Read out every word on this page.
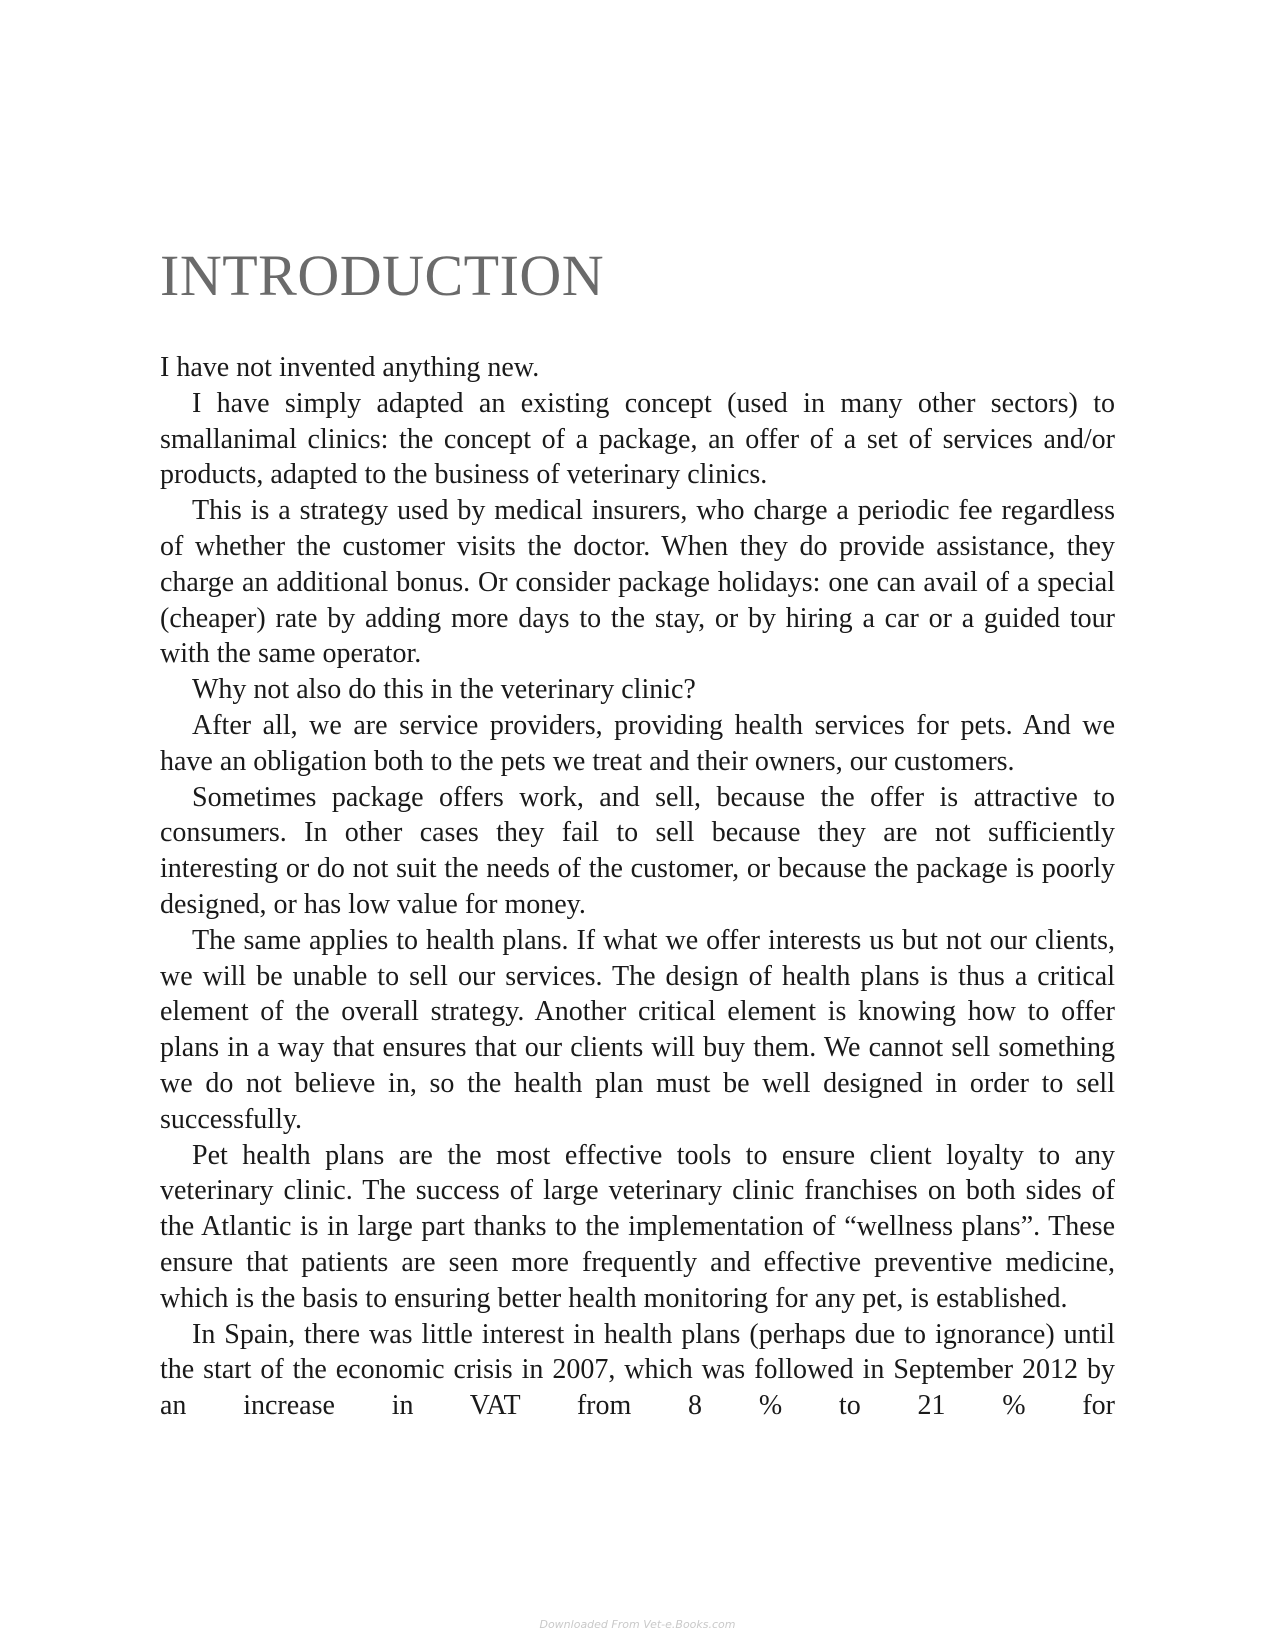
INTRODUCTION

I have not invented anything new.

I have simply adapted an existing concept (used in many other sectors) to smallanimal clinics: the concept of a package, an offer of a set of services and/or products, adapted to the business of veterinary clinics.

This is a strategy used by medical insurers, who charge a periodic fee regardless of whether the customer visits the doctor. When they do provide assistance, they charge an additional bonus. Or consider package holidays: one can avail of a special (cheaper) rate by adding more days to the stay, or by hiring a car or a guided tour with the same operator.

Why not also do this in the veterinary clinic?

After all, we are service providers, providing health services for pets. And we have an obligation both to the pets we treat and their owners, our customers.

Sometimes package offers work, and sell, because the offer is attractive to consumers. In other cases they fail to sell because they are not sufficiently interesting or do not suit the needs of the customer, or because the package is poorly designed, or has low value for money.

The same applies to health plans. If what we offer interests us but not our clients, we will be unable to sell our services. The design of health plans is thus a critical element of the overall strategy. Another critical element is knowing how to offer plans in a way that ensures that our clients will buy them. We cannot sell something we do not believe in, so the health plan must be well designed in order to sell successfully.

Pet health plans are the most effective tools to ensure client loyalty to any veterinary clinic. The success of large veterinary clinic franchises on both sides of the Atlantic is in large part thanks to the implementation of “wellness plans”. These ensure that patients are seen more frequently and effective preventive medicine, which is the basis to ensuring better health monitoring for any pet, is established.

In Spain, there was little interest in health plans (perhaps due to ignorance) until the start of the economic crisis in 2007, which was followed in September 2012 by an increase in VAT from 8 % to 21 % for

Downloaded From Vet-e.Books.com
